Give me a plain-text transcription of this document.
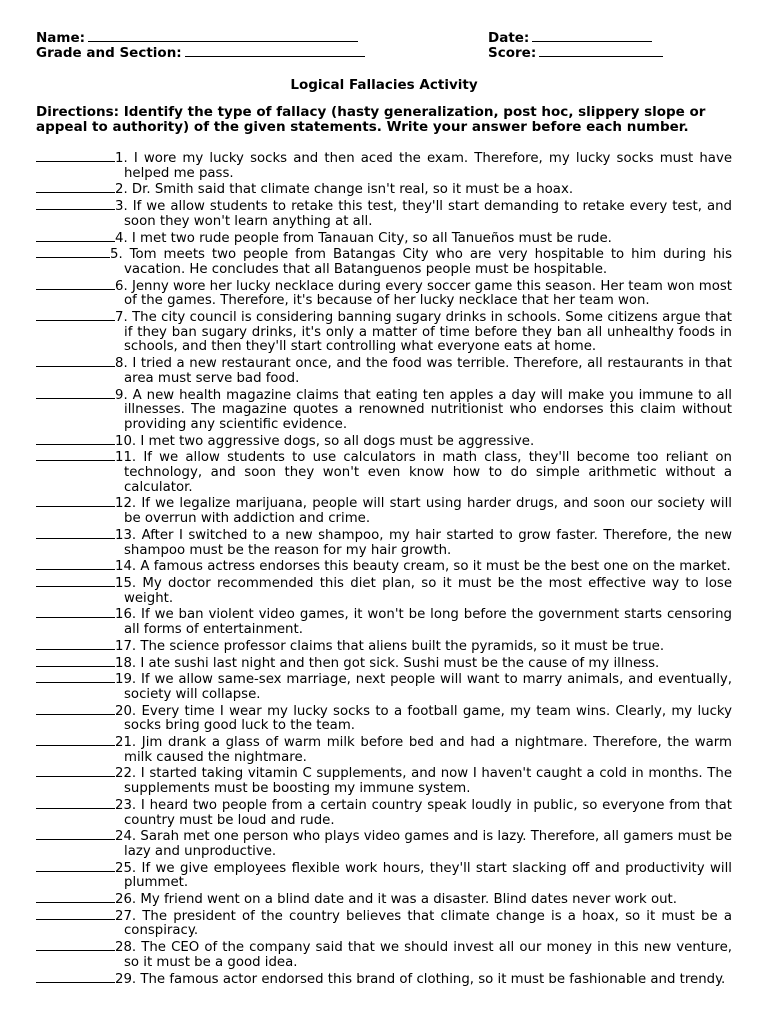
Name:	Date:
Grade and Section:	Score:
Logical Fallacies Activity
Directions: Identify the type of fallacy (hasty generalization, post hoc, slippery slope or appeal to authority) of the given statements. Write your answer before each number.

1. I wore my lucky socks and then aced the exam. Therefore, my lucky socks must have helped me pass.

2. Dr. Smith said that climate change isn't real, so it must be a hoax.

3. If we allow students to retake this test, they'll start demanding to retake every test, and soon they won't learn anything at all.

4. I met two rude people from Tanauan City, so all Tanueños must be rude.

5. Tom meets two people from Batangas City who are very hospitable to him during his vacation. He concludes that all Batanguenos people must be hospitable.

6. Jenny wore her lucky necklace during every soccer game this season. Her team won most of the games. Therefore, it's because of her lucky necklace that her team won.

7. The city council is considering banning sugary drinks in schools. Some citizens argue that if they ban sugary drinks, it's only a matter of time before they ban all unhealthy foods in schools, and then they'll start controlling what everyone eats at home.

8. I tried a new restaurant once, and the food was terrible. Therefore, all restaurants in that area must serve bad food.

9. A new health magazine claims that eating ten apples a day will make you immune to all illnesses. The magazine quotes a renowned nutritionist who endorses this claim without providing any scientific evidence.

10. I met two aggressive dogs, so all dogs must be aggressive.

11. If we allow students to use calculators in math class, they'll become too reliant on technology, and soon they won't even know how to do simple arithmetic without a calculator.

12. If we legalize marijuana, people will start using harder drugs, and soon our society will be overrun with addiction and crime.

13. After I switched to a new shampoo, my hair started to grow faster. Therefore, the new shampoo must be the reason for my hair growth.

14. A famous actress endorses this beauty cream, so it must be the best one on the market.

15. My doctor recommended this diet plan, so it must be the most effective way to lose weight.

16. If we ban violent video games, it won't be long before the government starts censoring all forms of entertainment.

17. The science professor claims that aliens built the pyramids, so it must be true.

18. I ate sushi last night and then got sick. Sushi must be the cause of my illness.

19. If we allow same-sex marriage, next people will want to marry animals, and eventually, society will collapse.

20. Every time I wear my lucky socks to a football game, my team wins. Clearly, my lucky socks bring good luck to the team.

21. Jim drank a glass of warm milk before bed and had a nightmare. Therefore, the warm milk caused the nightmare.

22. I started taking vitamin C supplements, and now I haven't caught a cold in months. The supplements must be boosting my immune system.

23. I heard two people from a certain country speak loudly in public, so everyone from that country must be loud and rude.

24. Sarah met one person who plays video games and is lazy. Therefore, all gamers must be lazy and unproductive.

25. If we give employees flexible work hours, they'll start slacking off and productivity will plummet.

26. My friend went on a blind date and it was a disaster. Blind dates never work out.

27. The president of the country believes that climate change is a hoax, so it must be a conspiracy.

28. The CEO of the company said that we should invest all our money in this new venture, so it must be a good idea.

29. The famous actor endorsed this brand of clothing, so it must be fashionable and trendy.
